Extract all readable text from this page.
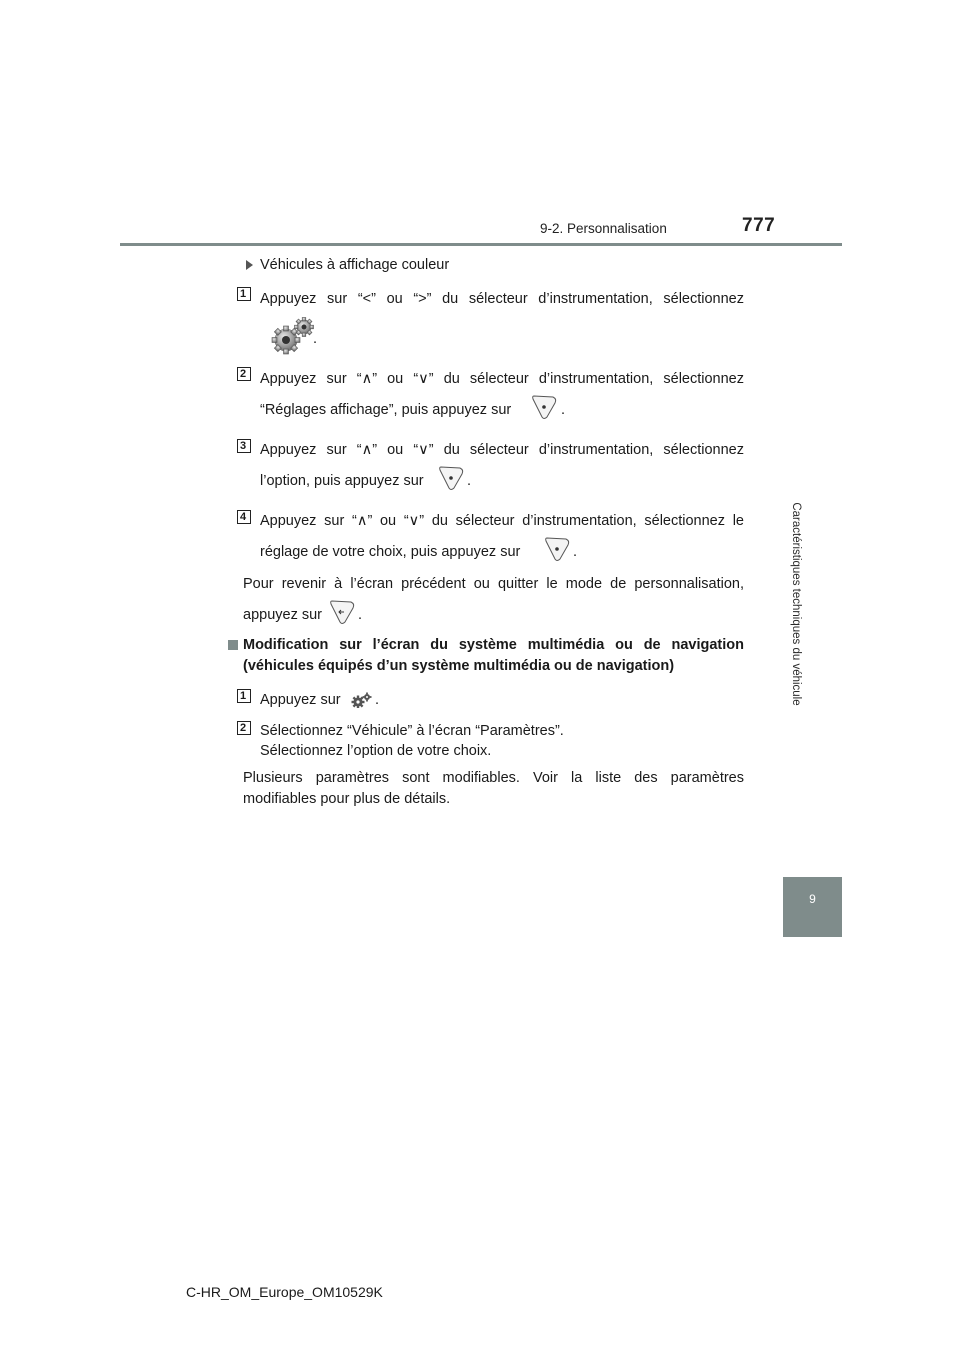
9-2. Personnalisation	777
Caractéristiques techniques du véhicule
9
Véhicules à affichage couleur
1 Appuyez sur “<” ou “>” du sélecteur d’instrumentation, sélectionnez
.
2 Appuyez sur “∧” ou “∨” du sélecteur d’instrumentation, sélectionnez
“Réglages affichage”, puis appuyez sur	.
3 Appuyez sur “∧” ou “∨” du sélecteur d’instrumentation, sélectionnez
l’option, puis appuyez sur	.
4 Appuyez sur “∧” ou “∨” du sélecteur d’instrumentation, sélectionnez le
réglage de votre choix, puis appuyez sur	.
Pour revenir à l’écran précédent ou quitter le mode de personnalisation,
appuyez sur .
Modification sur l’écran du système multimédia ou de navigation
(véhicules équipés d’un système multimédia ou de navigation)
1 Appuyez sur .
2 Sélectionnez “Véhicule” à l’écran “Paramètres”.
Sélectionnez l’option de votre choix.
Plusieurs paramètres sont modifiables. Voir la liste des paramètres
modifiables pour plus de détails.
C-HR_OM_Europe_OM10529K
